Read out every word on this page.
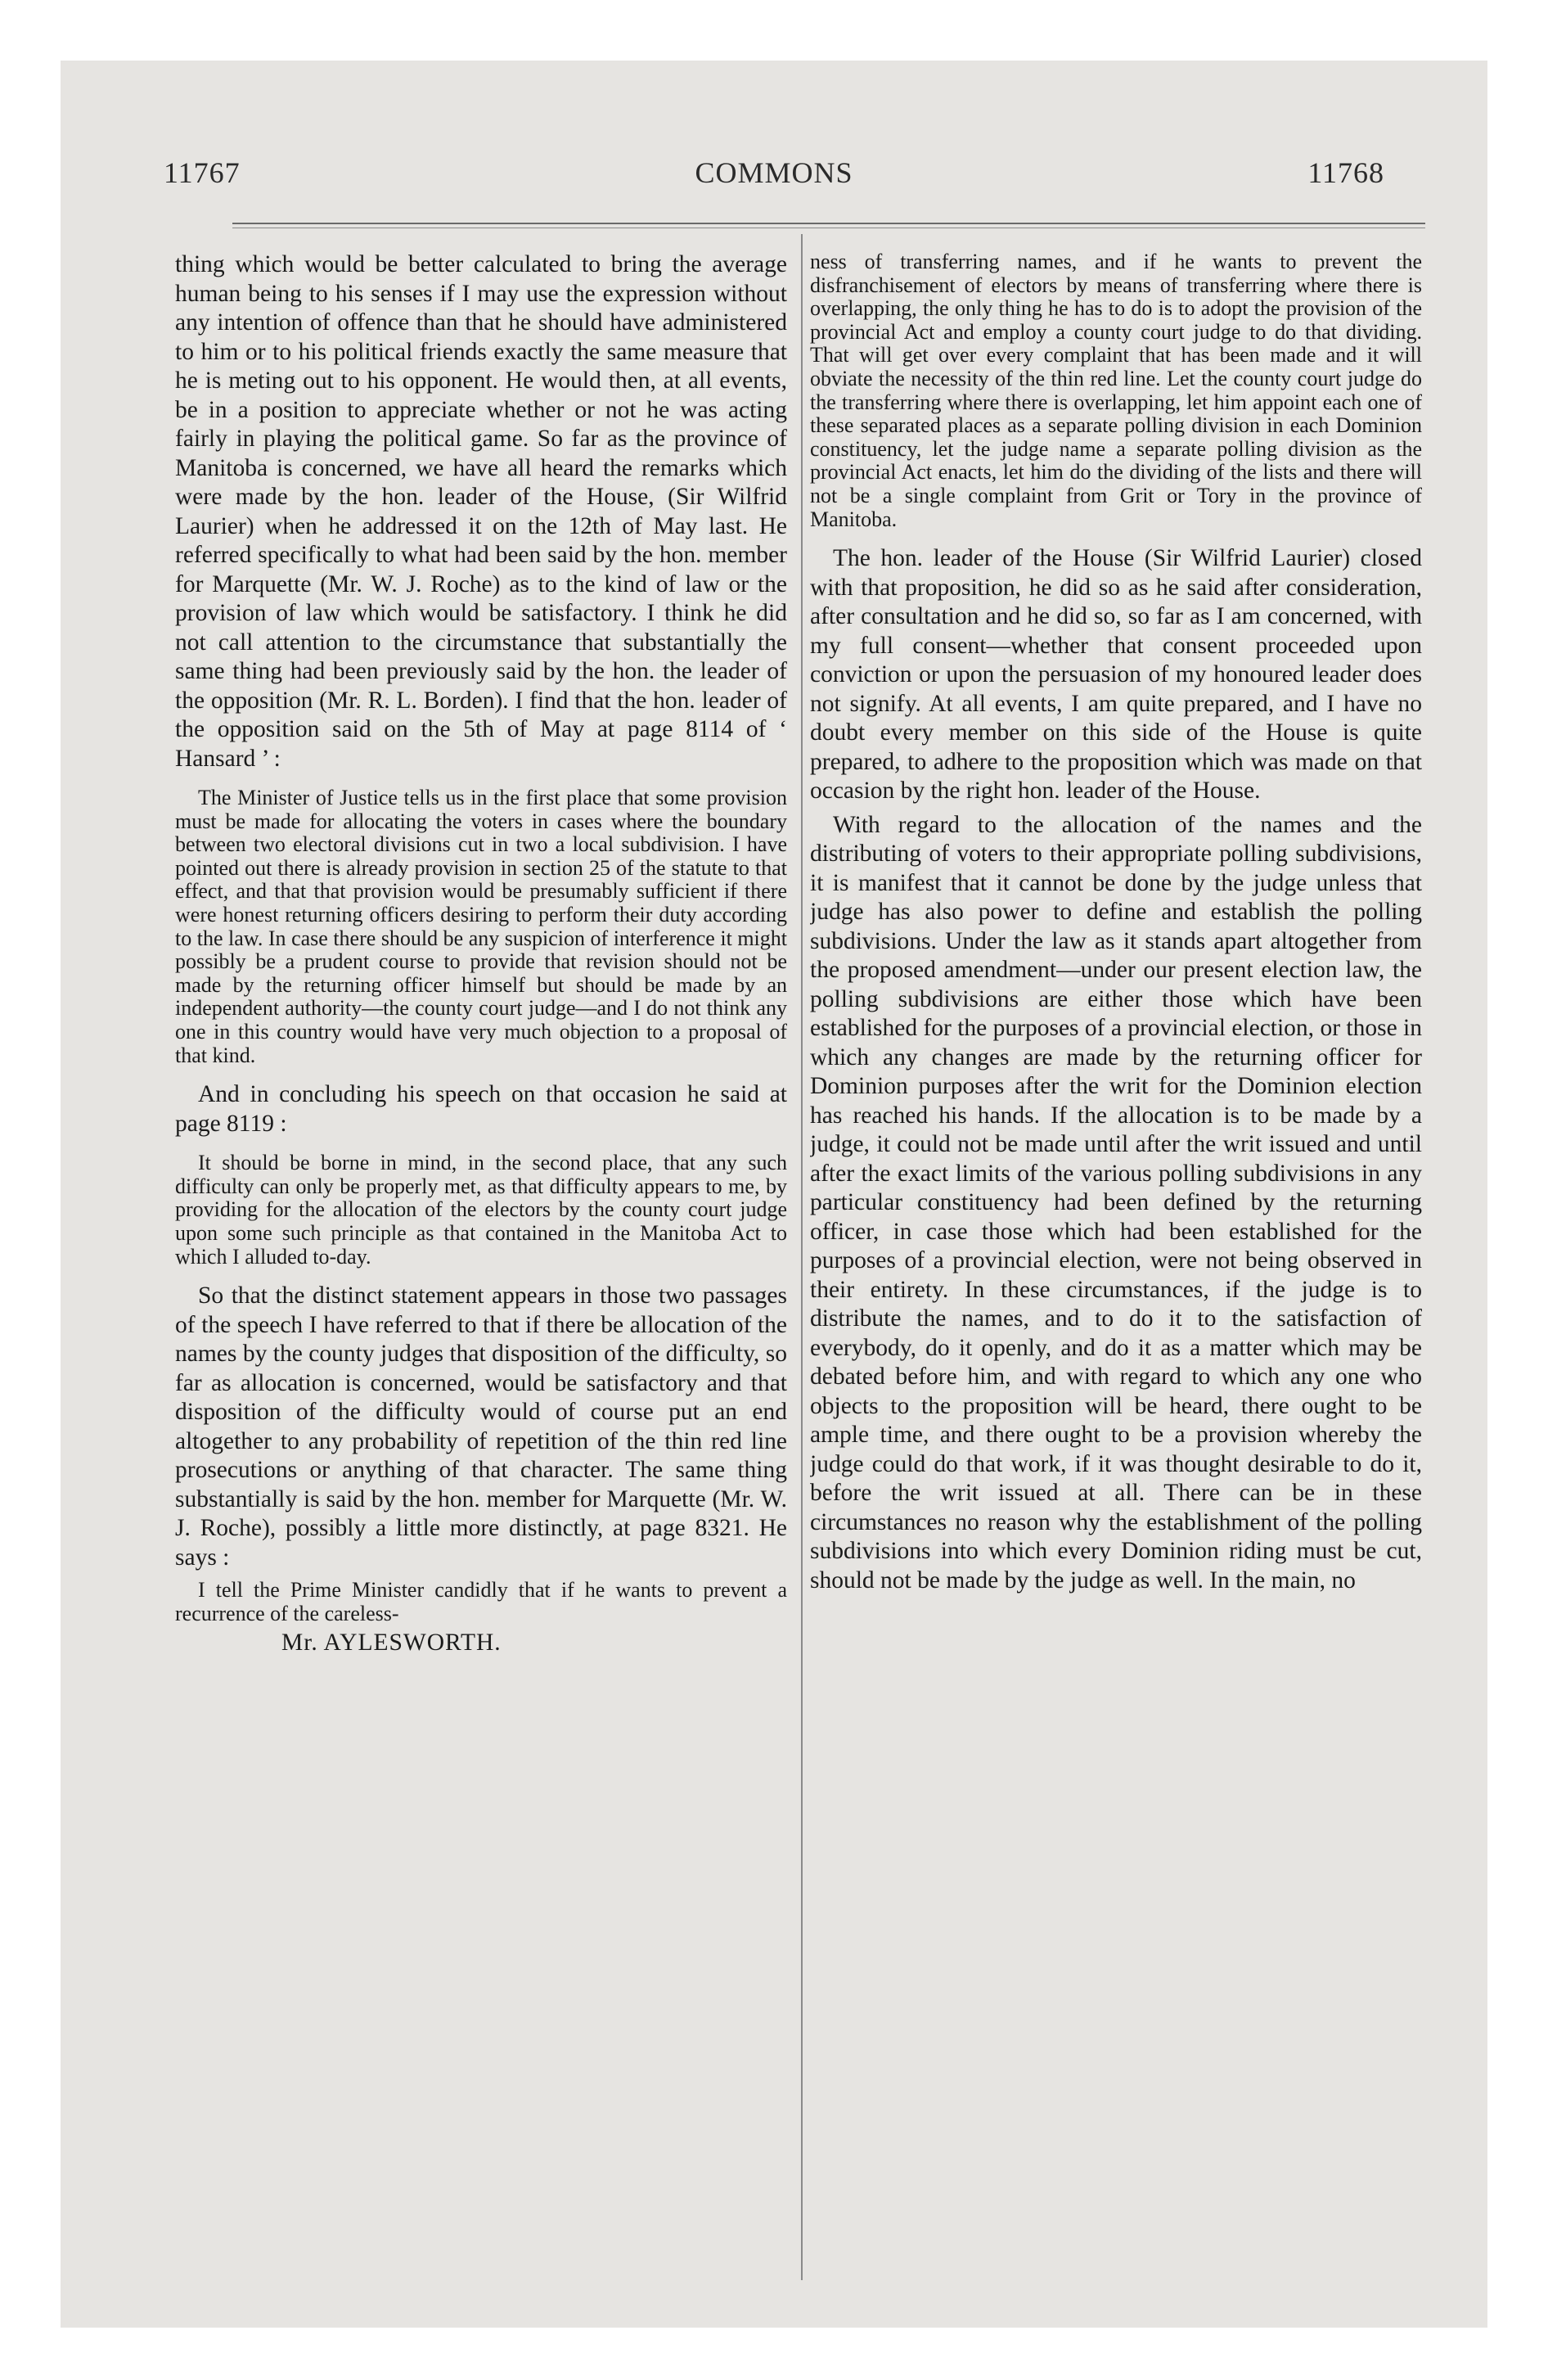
11767	COMMONS	11768

thing which would be better calculated to bring the average human being to his senses if I may use the expression without any intention of offence than that he should have administered to him or to his political friends exactly the same measure that he is meting out to his opponent. He would then, at all events, be in a position to appreciate whether or not he was acting fairly in playing the political game. So far as the province of Manitoba is concerned, we have all heard the remarks which were made by the hon. leader of the House, (Sir Wilfrid Laurier) when he addressed it on the 12th of May last. He referred specifically to what had been said by the hon. member for Marquette (Mr. W. J. Roche) as to the kind of law or the provision of law which would be satisfactory. I think he did not call attention to the circumstance that substantially the same thing had been previously said by the hon. the leader of the opposition (Mr. R. L. Borden). I find that the hon. leader of the opposition said on the 5th of May at page 8114 of ‘ Hansard ’ :

The Minister of Justice tells us in the first place that some provision must be made for allocating the voters in cases where the boundary between two electoral divisions cut in two a local subdivision. I have pointed out there is already provision in section 25 of the statute to that effect, and that that provision would be presumably sufficient if there were honest returning officers desiring to perform their duty according to the law. In case there should be any suspicion of interference it might possibly be a prudent course to provide that revision should not be made by the returning officer himself but should be made by an independent authority—the county court judge—and I do not think any one in this country would have very much objection to a proposal of that kind.

And in concluding his speech on that occasion he said at page 8119 :

It should be borne in mind, in the second place, that any such difficulty can only be properly met, as that difficulty appears to me, by providing for the allocation of the electors by the county court judge upon some such principle as that contained in the Manitoba Act to which I alluded to-day.

So that the distinct statement appears in those two passages of the speech I have referred to that if there be allocation of the names by the county judges that disposition of the difficulty, so far as allocation is concerned, would be satisfactory and that disposition of the difficulty would of course put an end altogether to any probability of repetition of the thin red line prosecutions or anything of that character. The same thing substantially is said by the hon. member for Marquette (Mr. W. J. Roche), possibly a little more distinctly, at page 8321. He says :

I tell the Prime Minister candidly that if he wants to prevent a recurrence of the careless-

Mr. AYLESWORTH.

ness of transferring names, and if he wants to prevent the disfranchisement of electors by means of transferring where there is overlapping, the only thing he has to do is to adopt the provision of the provincial Act and employ a county court judge to do that dividing. That will get over every complaint that has been made and it will obviate the necessity of the thin red line. Let the county court judge do the transferring where there is overlapping, let him appoint each one of these separated places as a separate polling division in each Dominion constituency, let the judge name a separate polling division as the provincial Act enacts, let him do the dividing of the lists and there will not be a single complaint from Grit or Tory in the province of Manitoba.

The hon. leader of the House (Sir Wilfrid Laurier) closed with that proposition, he did so as he said after consideration, after consultation and he did so, so far as I am concerned, with my full consent—whether that consent proceeded upon conviction or upon the persuasion of my honoured leader does not signify. At all events, I am quite prepared, and I have no doubt every member on this side of the House is quite prepared, to adhere to the proposition which was made on that occasion by the right hon. leader of the House.

With regard to the allocation of the names and the distributing of voters to their appropriate polling subdivisions, it is manifest that it cannot be done by the judge unless that judge has also power to define and establish the polling subdivisions. Under the law as it stands apart altogether from the proposed amendment—under our present election law, the polling subdivisions are either those which have been established for the purposes of a provincial election, or those in which any changes are made by the returning officer for Dominion purposes after the writ for the Dominion election has reached his hands. If the allocation is to be made by a judge, it could not be made until after the writ issued and until after the exact limits of the various polling subdivisions in any particular constituency had been defined by the returning officer, in case those which had been established for the purposes of a provincial election, were not being observed in their entirety. In these circumstances, if the judge is to distribute the names, and to do it to the satisfaction of everybody, do it openly, and do it as a matter which may be debated before him, and with regard to which any one who objects to the proposition will be heard, there ought to be ample time, and there ought to be a provision whereby the judge could do that work, if it was thought desirable to do it, before the writ issued at all. There can be in these circumstances no reason why the establishment of the polling subdivisions into which every Dominion riding must be cut, should not be made by the judge as well. In the main, no
